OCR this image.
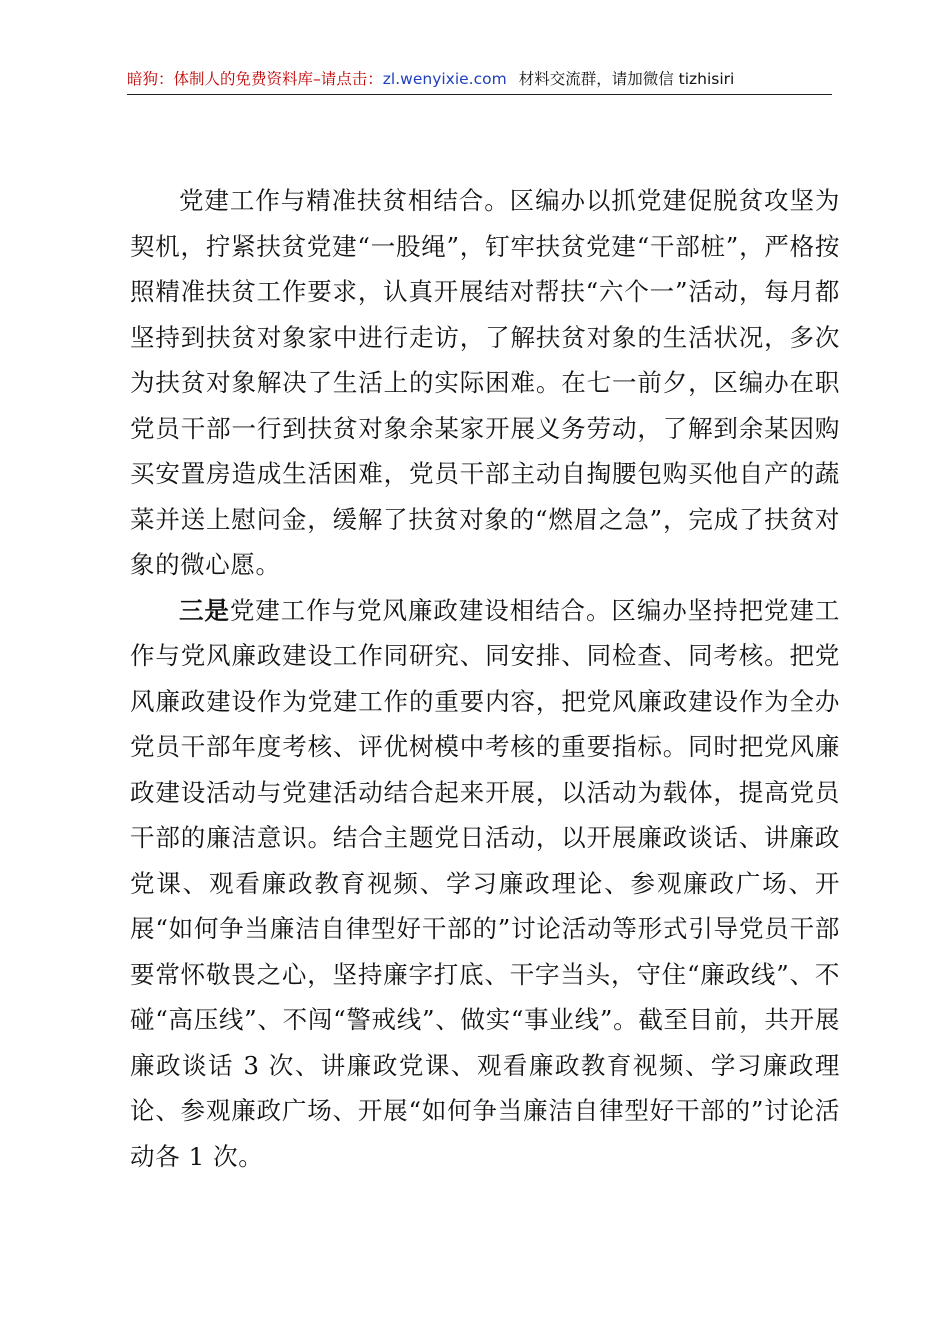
暗狗：体制人的免费资料库–请点击：zl.wenyixie.com 材料交流群，请加微信 tizhisiri

党建工作与精准扶贫相结合。区编办以抓党建促脱贫攻坚为契机，拧紧扶贫党建“一股绳”，钉牢扶贫党建“干部桩”，严格按照精准扶贫工作要求，认真开展结对帮扶“六个一”活动，每月都坚持到扶贫对象家中进行走访，了解扶贫对象的生活状况，多次为扶贫对象解决了生活上的实际困难。在七一前夕，区编办在职党员干部一行到扶贫对象余某家开展义务劳动，了解到余某因购买安置房造成生活困难，党员干部主动自掏腰包购买他自产的蔬菜并送上慰问金，缓解了扶贫对象的“燃眉之急”，完成了扶贫对象的微心愿。

三是党建工作与党风廉政建设相结合。区编办坚持把党建工作与党风廉政建设工作同研究、同安排、同检查、同考核。把党风廉政建设作为党建工作的重要内容，把党风廉政建设作为全办党员干部年度考核、评优树模中考核的重要指标。同时把党风廉政建设活动与党建活动结合起来开展，以活动为载体，提高党员干部的廉洁意识。结合主题党日活动，以开展廉政谈话、讲廉政党课、观看廉政教育视频、学习廉政理论、参观廉政广场、开展“如何争当廉洁自律型好干部的”讨论活动等形式引导党员干部要常怀敬畏之心，坚持廉字打底、干字当头，守住“廉政线”、不碰“高压线”、不闯“警戒线”、做实“事业线”。截至目前，共开展廉政谈话 3 次、讲廉政党课、观看廉政教育视频、学习廉政理论、参观廉政广场、开展“如何争当廉洁自律型好干部的”讨论活动各 1 次。
